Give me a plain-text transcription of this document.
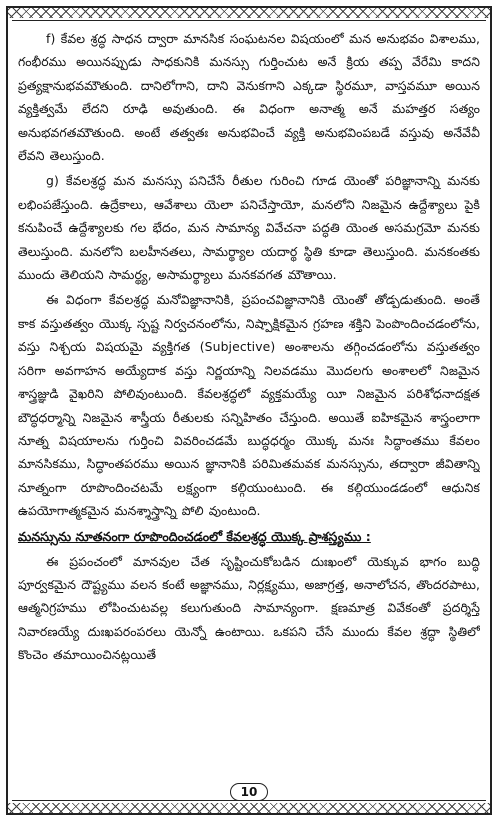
f) కేవల శ్రద్ధ సాధన ద్వారా మానసిక సంఘటనల విషయంలో మన అనుభవం విశాలము, గంభీరము అయినప్పుడు సాధకునికి మనస్సు గుర్తించుట అనే క్రియ తప్ప వేరేమి కాదని ప్రత్యక్షానుభవమౌతుంది. దానిలోగాని, దాని వెనుకగాని ఎక్కడా స్థిరమూ, వాస్తవమూ అయిన వ్యక్తిత్వమే లేదని రూఢి అవుతుంది. ఈ విధంగా అనాత్మ అనే మహత్తర సత్యం అనుభవగతమౌతుంది. అంటే తత్వతః అనుభవించే వ్యక్తి అనుభవింపబడే వస్తువు అనేవేవీ లేవని తెలుస్తుంది.

g) కేవలశ్రద్ధ మన మనస్సు పనిచేసే రీతుల గురించి గూడ యెంతో పరిజ్ఞానాన్ని మనకు లభింపజేస్తుంది. ఉద్రేకాలు, ఆవేశాలు యెలా పనిచేస్తాయో, మనలోని నిజమైన ఉద్దేశ్యాలు పైకి కనుపించే ఉద్దేశ్యాలకు గల భేదం, మన సామాన్య వివేచనా పద్ధతి యెంత అసమగ్రమో మనకు తెలుస్తుంది. మనలోని బలహీనతలు, సామర్థ్యాల యదార్థ స్థితి కూడా తెలుస్తుంది. మనకంతకు ముందు తెలియని సామర్థ్య, అసామర్థ్యాలు మనకవగత మౌతాయి.

ఈ విధంగా కేవలశ్రద్ధ మనోవిజ్ఞానానికి, ప్రపంచవిజ్ఞానానికి యెంతో తోడ్పడుతుంది. అంతే కాక వస్తుతత్వం యొక్క స్పష్ట నిర్వచనంలోను, నిష్పాక్షికమైన గ్రహణ శక్తిని పెంపొందించడంలోను, వస్తు నిశ్చయ విషయమై వ్యక్తిగత (Subjective) అంశాలను తగ్గించడంలోను వస్తుతత్వం సరిగా అవగాహన అయ్యేదాక వస్తు నిర్ణయాన్ని నిలవడము మొదలగు అంశాలలో నిజమైన శాస్త్రజ్ఞుడి వైఖరిని పోలివుంటుంది. కేవలశ్రద్ధలో వ్యక్తమయ్యే యీ నిజమైన పరిశోధనాదక్షత బౌద్ధధర్మాన్ని నిజమైన శాస్త్రీయ రీతులకు సన్నిహితం చేస్తుంది. అయితే ఐహికమైన శాస్త్రంలాగా నూత్న విషయాలను గుర్తించి వివరించడమే బుద్ధధర్మం యొక్క మనః సిద్ధాంతము కేవలం మానసికము, సిద్ధాంతపరము అయిన జ్ఞానానికి పరిమితమవక మనస్సును, తద్వారా జీవితాన్ని నూత్నంగా రూపొందించటమే లక్ష్యంగా కల్గియుంటుంది. ఈ కల్గియుండడంలో ఆధునిక ఉపయోగాత్మకమైన మనశ్శాస్త్రాన్ని పోలి వుంటుంది.

మనస్సును నూతనంగా రూపొందించడంలో కేవలశ్రద్ధ యొక్క ప్రాశస్త్యము :

ఈ ప్రపంచంలో మానవుల చేత సృష్టించుకోబడిన దుఃఖంలో యెక్కువ భాగం బుద్ధి పూర్వకమైన దౌష్ట్యము వలన కంటే అజ్ఞానము, నిర్లక్ష్యము, అజాగ్రత్త, అనాలోచన, తొందరపాటు, ఆత్మనిగ్రహము లోపించుటవల్ల కలుగుతుంది సామాన్యంగా. క్షణమాత్ర వివేకంతో ప్రదర్శిస్తే నివారణయ్యే దుఃఖపరంపరలు యెన్నో ఉంటాయి. ఒకపని చేసే ముందు కేవల శ్రద్ధా స్థితిలో కొంచెం తమాయించినట్లయితే

10
